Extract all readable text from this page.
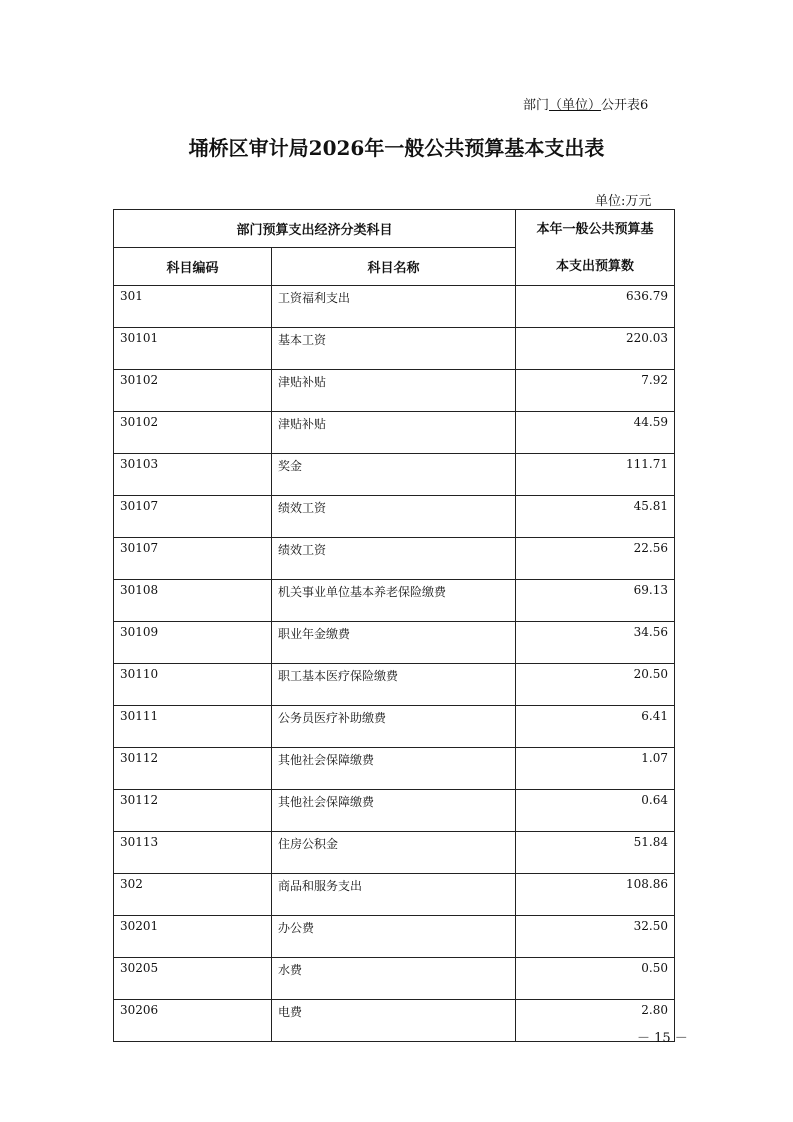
部门（单位）公开表6
埇桥区审计局2026年一般公共预算基本支出表
单位:万元
部门预算支出经济分类科目		本年一般公共预算基
本支出预算数

科目编码	科目名称	
301	工资福利支出	636.79
30101	基本工资	220.03
30102	津贴补贴	7.92
30102	津贴补贴	44.59
30103	奖金	111.71
30107	绩效工资	45.81
30107	绩效工资	22.56
30108	机关事业单位基本养老保险缴费	69.13
30109	职业年金缴费	34.56
30110	职工基本医疗保险缴费	20.50
30111	公务员医疗补助缴费	6.41
30112	其他社会保障缴费	1.07
30112	其他社会保障缴费	0.64
30113	住房公积金	51.84
302	商品和服务支出	108.86
30201	办公费	32.50
30205	水费	0.50
30206	电费	2.80
－ 15 －
